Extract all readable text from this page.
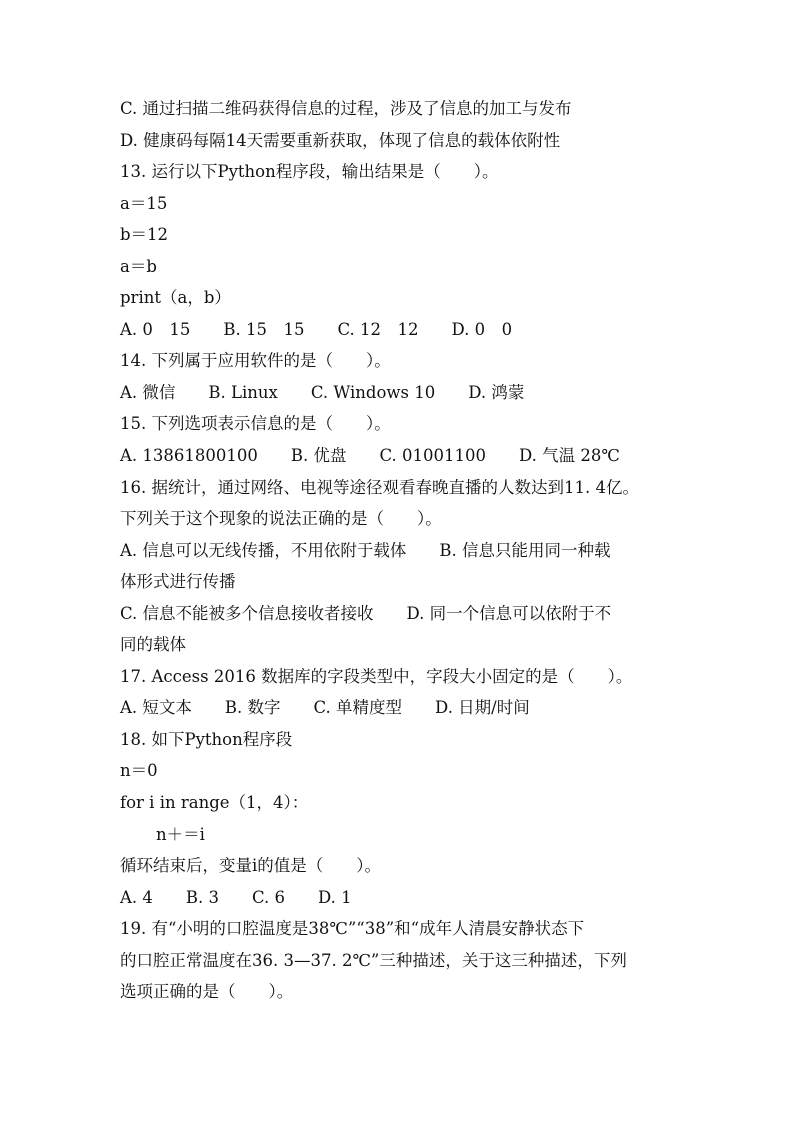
C. 通过扫描二维码获得信息的过程，涉及了信息的加工与发布
D. 健康码每隔14天需要重新获取，体现了信息的载体依附性
13. 运行以下Python程序段，输出结果是（　　）。
a＝15
b＝12
a＝b
print（a，b）
A. 0　15　　B. 15　15　　C. 12　12　　D. 0　0
14. 下列属于应用软件的是（　　）。
A. 微信　　B. Linux　　C. Windows 10　　D. 鸿蒙
15. 下列选项表示信息的是（　　）。
A. 13861800100　　B. 优盘　　C. 01001100　　D. 气温 28℃
16. 据统计，通过网络、电视等途径观看春晚直播的人数达到11. 4亿。
下列关于这个现象的说法正确的是（　　）。
A. 信息可以无线传播，不用依附于载体　　B. 信息只能用同一种载
体形式进行传播
C. 信息不能被多个信息接收者接收　　D. 同一个信息可以依附于不
同的载体
17. Access 2016 数据库的字段类型中，字段大小固定的是（　　）。
A. 短文本　　B. 数字　　C. 单精度型　　D. 日期/时间
18. 如下Python程序段
n＝0
for i in range（1，4）：
n＋＝i
循环结束后，变量i的值是（　　）。
A. 4　　B. 3　　C. 6　　D. 1
19. 有“小明的口腔温度是38℃”“38”和“成年人清晨安静状态下
的口腔正常温度在36. 3—37. 2℃”三种描述，关于这三种描述，下列
选项正确的是（　　）。
